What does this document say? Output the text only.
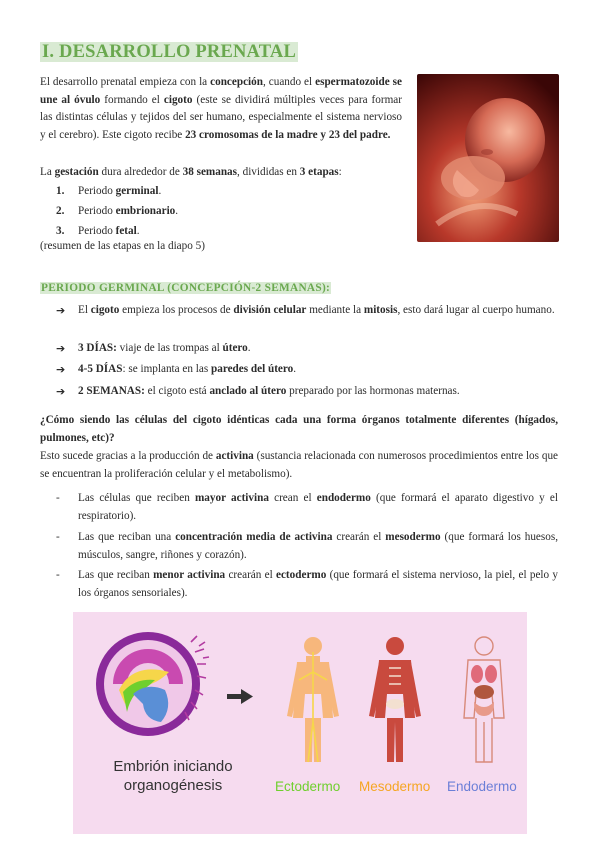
I. DESARROLLO PRENATAL

El desarrollo prenatal empieza con la concepción, cuando el espermatozoide se une al óvulo formando el cigoto (este se dividirá múltiples veces para formar las distintas células y tejidos del ser humano, especialmente el sistema nervioso y el cerebro). Este cigoto recibe 23 cromosomas de la madre y 23 del padre.

La gestación dura alrededor de 38 semanas, divididas en 3 etapas:

1.	Periodo germinal.
2.	Periodo embrionario.
3.	Periodo fetal.

(resumen de las etapas en la diapo 5)

PERIODO GERMINAL (CONCEPCIÓN-2 SEMANAS):
➔	El cigoto empieza los procesos de división celular mediante la mitosis, esto dará lugar al cuerpo humano.
➔	3 DÍAS: viaje de las trompas al útero.
➔	4-5 DÍAS: se implanta en las paredes del útero.
➔	2 SEMANAS: el cigoto está anclado al útero preparado por las hormonas maternas.

¿Cómo siendo las células del cigoto idénticas cada una forma órganos totalmente diferentes (hígados, pulmones, etc)?

Esto sucede gracias a la producción de activina (sustancia relacionada con numerosos procedimientos entre los que se encuentran la proliferación celular y el metabolismo).

-	Las células que reciben mayor activina crean el endodermo (que formará el aparato digestivo y el respiratorio).
-	Las que reciban una concentración media de activina crearán el mesodermo (que formará los huesos, músculos, sangre, riñones y corazón).
-	Las que reciban menor activina crearán el ectodermo (que formará el sistema nervioso, la piel, el pelo y los órganos sensoriales).
Embrión iniciando
organogénesis	Ectodermo Mesodermo Endodermo
